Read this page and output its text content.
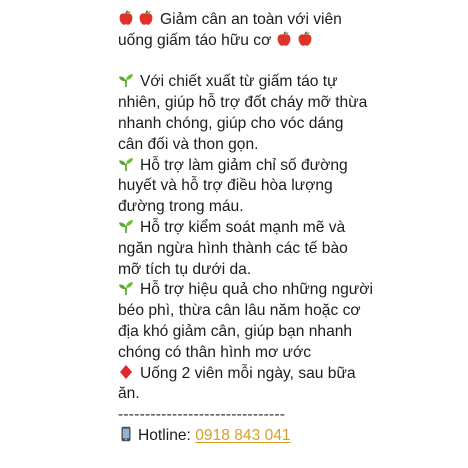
Giảm cân an toàn với viên
uống giấm táo hữu cơ
Với chiết xuất từ giấm táo tự
nhiên, giúp hỗ trợ đốt cháy mỡ thừa
nhanh chóng, giúp cho vóc dáng
cân đối và thon gọn.
Hỗ trợ làm giảm chỉ số đường
huyết và hỗ trợ điều hòa lượng
đường trong máu.
Hỗ trợ kiểm soát mạnh mẽ và
ngăn ngừa hình thành các tế bào
mỡ tích tụ dưới da.
Hỗ trợ hiệu quả cho những người
béo phì, thừa cân lâu năm hoặc cơ
địa khó giảm cân, giúp bạn nhanh
chóng có thân hình mơ ước
Uống 2 viên mỗi ngày, sau bữa
ăn.
-------------------------------
Hotline: 0918 843 041
